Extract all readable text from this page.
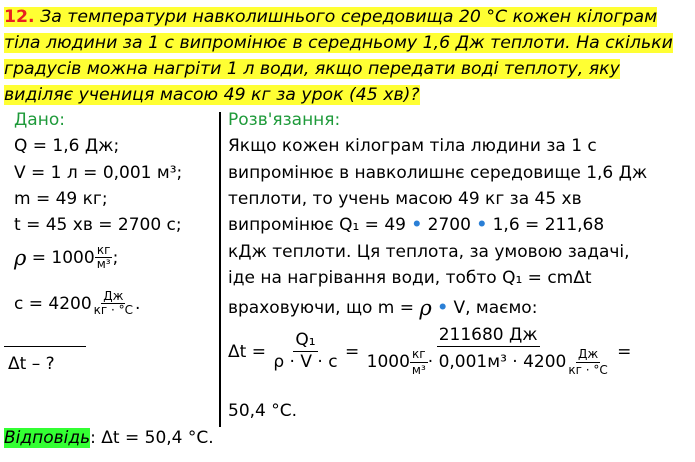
12. За температури навколишнього середовища 20 °С кожен кілограм тіла людини за 1 с випромінює в середньому 1,6 Дж теплоти. На скільки градусів можна нагріти 1 л води, якщо передати воді теплоту, яку виділяє учениця масою 49 кг за урок (45 хв)?
Дано:	Розв'язання:
Q = 1,6 Дж;
V = 1 л = 0,001 м³;
m = 49 кг;
t = 45 хв = 2700 с;
ρ
= $1000 \frac{кг}{\text{м³}}$ ;
$c = 4200 \frac{Дж}{кг \cdot ^\circ С}$ .
Δt – ?
Якщо кожен кілограм тіла людини за 1 с
випромінює в навколишнє середовище 1,6 Дж
теплоти, то учень масою 49 кг за 45 хв
випромінює Q₁ = 49 • 2700 • 1,6 = 211,68
кДж теплоти. Ця теплота, за умовою задачі,
іде на нагрівання води, тобто Q₁ = cmΔt
враховуючи, що m =
ρ
•
V, маємо:
Δt =
$\frac{\text{Q₁}}{\rho \cdot V \cdot c}$
=
$\frac{211680 Дж}{1000 \frac{кг}{\text{м³}} \cdot 0,001м^3 \cdot 4200 \frac{Дж}{кг \cdot ^\circ С}}$
=
50,4 °С.
Відповідь: Δt = 50,4 °С.
